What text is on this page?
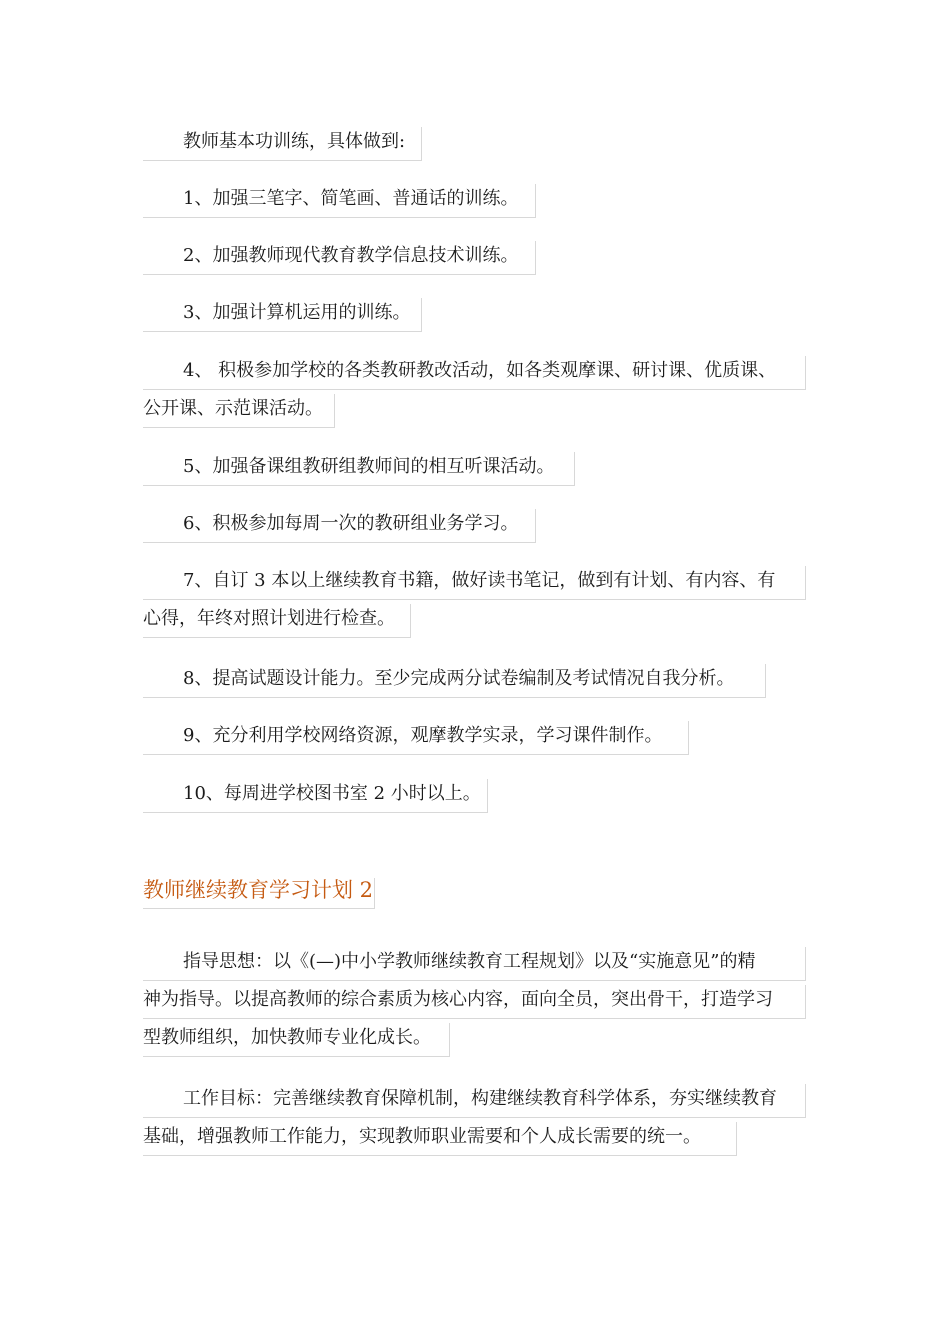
教师基本功训练，具体做到:
1、加强三笔字、简笔画、普通话的训练。
2、加强教师现代教育教学信息技术训练。
3、加强计算机运用的训练。
4、 积极参加学校的各类教研教改活动，如各类观摩课、研讨课、优质课、
公开课、示范课活动。
5、加强备课组教研组教师间的相互听课活动。
6、积极参加每周一次的教研组业务学习。
7、自订 3 本以上继续教育书籍，做好读书笔记，做到有计划、有内容、有
心得，年终对照计划进行检查。
8、提高试题设计能力。至少完成两分试卷编制及考试情况自我分析。
9、充分利用学校网络资源，观摩教学实录，学习课件制作。
10、每周进学校图书室 2 小时以上。
教师继续教育学习计划 2
指导思想：以《(—)中小学教师继续教育工程规划》以及“实施意见”的精
神为指导。以提高教师的综合素质为核心内容，面向全员，突出骨干，打造学习
型教师组织，加快教师专业化成长。
工作目标：完善继续教育保障机制，构建继续教育科学体系，夯实继续教育
基础，增强教师工作能力，实现教师职业需要和个人成长需要的统一。
